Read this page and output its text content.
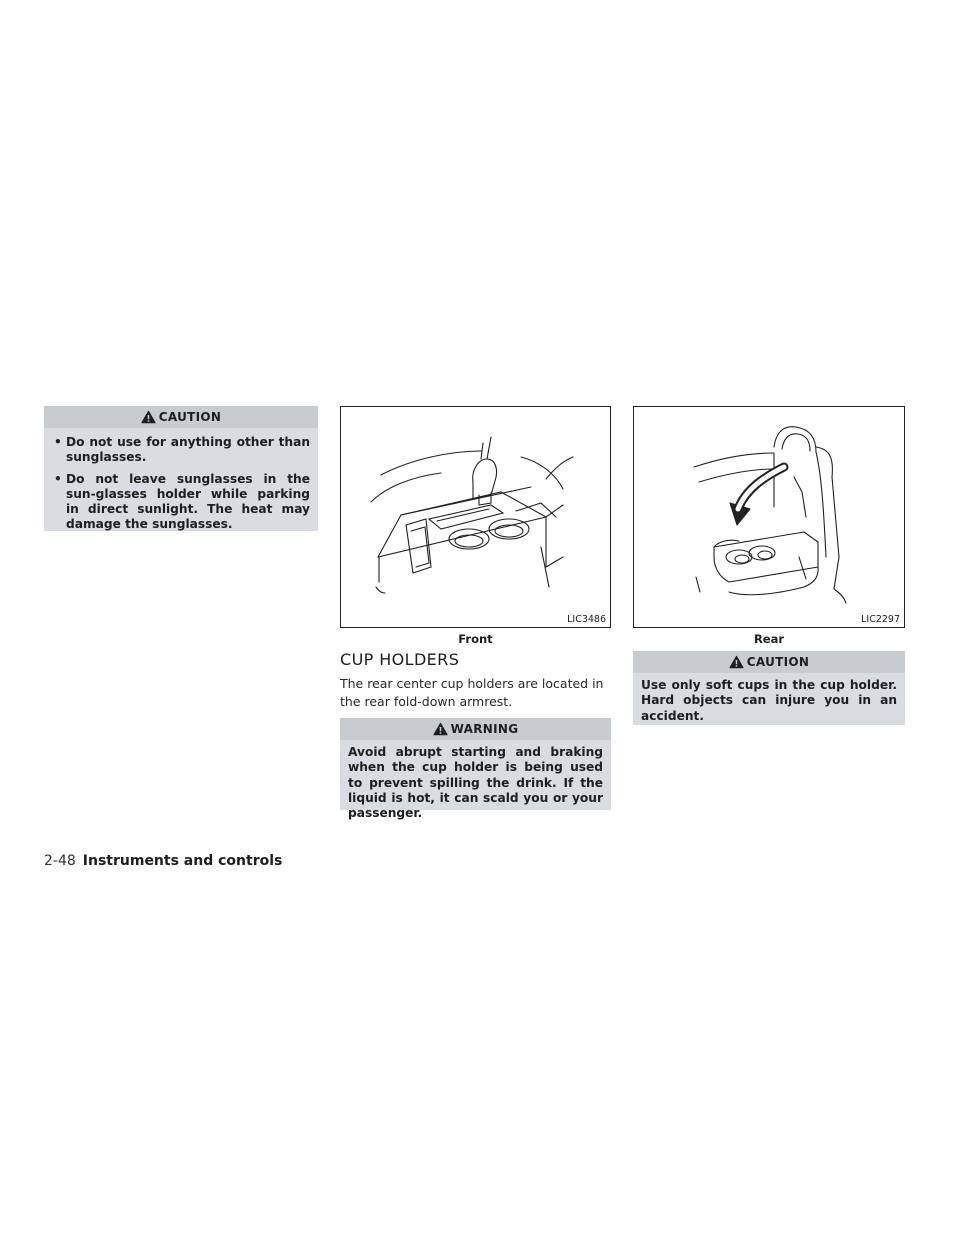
CAUTION
• Do not use for anything other than sunglasses.
• Do not leave sunglasses in the sun-glasses holder while parking in direct sunlight. The heat may damage the sunglasses.
LIC3486
Front
LIC2297
Rear
CUP HOLDERS
The rear center cup holders are located in the rear fold-down armrest.
WARNING

Avoid abrupt starting and braking when the cup holder is being used to prevent spilling the drink. If the liquid is hot, it can scald you or your passenger.

CAUTION

Use only soft cups in the cup holder. Hard objects can injure you in an accident.

2-48 Instruments and controls
